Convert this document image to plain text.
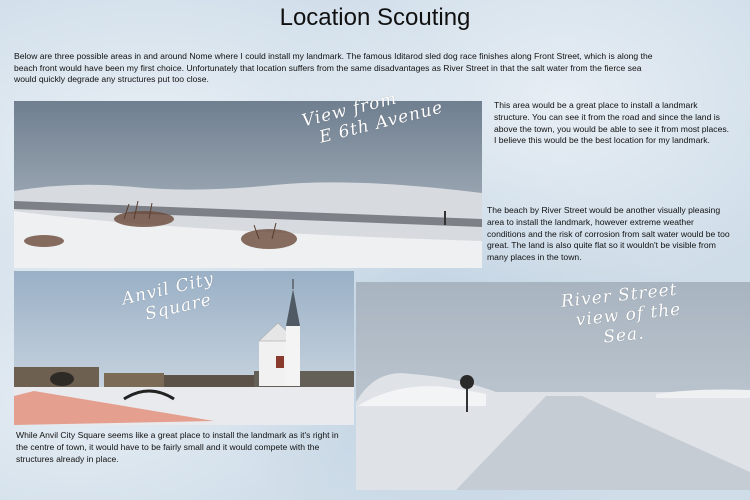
Location Scouting
Below are three possible areas in and around Nome where I could install my landmark. The famous Iditarod sled dog race finishes along Front Street, which is along the beach front would have been my first choice. Unfortunately that location suffers from the same disadvantages as River Street in that the salt water from the fierce sea would quickly degrade any structures put too close.
View from
E 6th Avenue	This area would be a great place to install a landmark structure. You can see it from the road and since the land is above the town, you would be able to see it from most places. I believe this would be the best location for my landmark.
The beach by River Street would be another visually pleasing area to install the landmark, however extreme weather conditions and the risk of corrosion from salt water would be too great. The land is also quite flat so it wouldn't be visible from many places in the town.
Anvil City
Square	River Street
view of the
Sea.
While Anvil City Square seems like a great place to install the landmark as it's right in the centre of town, it would have to be fairly small and it would compete with the structures already in place.
